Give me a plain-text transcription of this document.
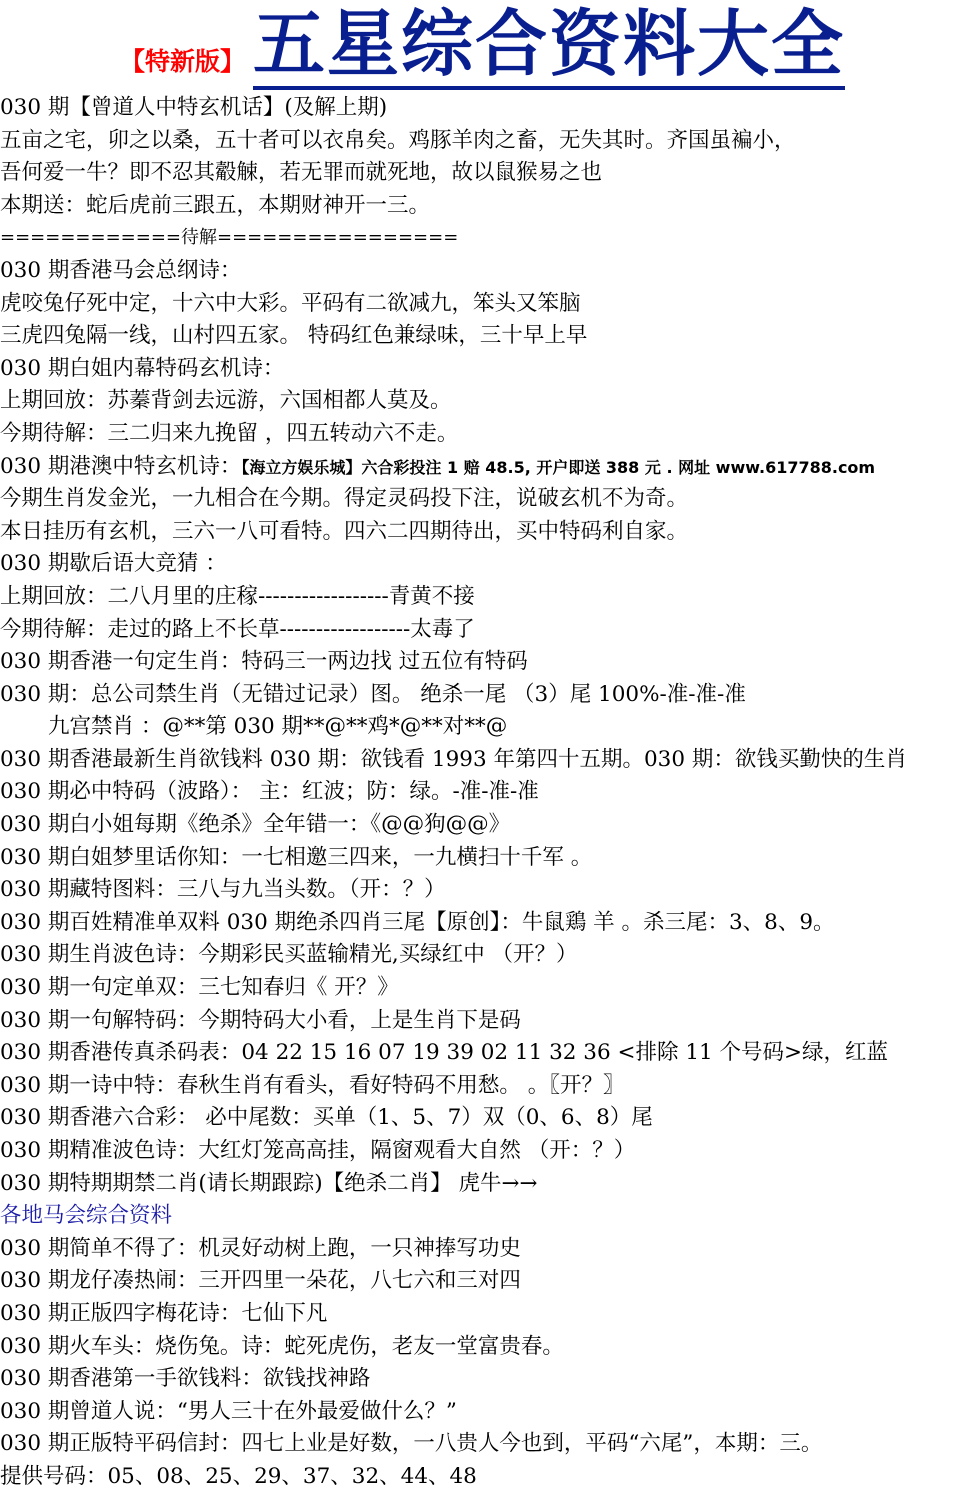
【特新版】 五星综合资料大全
030 期【曾道人中特玄机话】(及解上期)
五亩之宅，卯之以桑，五十者可以衣帛矣。鸡豚羊肉之畜，无失其时。齐国虽褊小，
吾何爱一牛？即不忍其觳觫，若无罪而就死地，故以鼠猴易之也
本期送：蛇后虎前三跟五，本期财神开一三。
============待解================
030 期香港马会总纲诗：
虎咬兔仔死中定，十六中大彩。平码有二欲减九，笨头又笨脑
三虎四兔隔一线，山村四五家。 特码红色兼绿味，三十早上早
030 期白姐内幕特码玄机诗：
上期回放：苏蓁背剑去远游，六国相都人莫及。
今期待解：三二归来九挽留 ，四五转动六不走。
030 期港澳中特玄机诗：【海立方娱乐城】六合彩投注 1 赔 48.5, 开户即送 388 元 . 网址 www.617788.com
今期生肖发金光，一九相合在今期。得定灵码投下注，说破玄机不为奇。
本日挂历有玄机，三六一八可看特。四六二四期待出，买中特码利自家。
030 期歇后语大竞猜 ：
上期回放：二八月里的庄稼------------------青黄不接
今期待解：走过的路上不长草------------------太毒了
030 期香港一句定生肖：特码三一两边找 过五位有特码
030 期：总公司禁生肖（无错过记录）图。 绝杀一尾 （3）尾 100%-准-准-准
九宫禁肖 ：@**第 030 期**@**鸡*@**对**@
030 期香港最新生肖欲钱料 030 期：欲钱看 1993 年第四十五期。030 期：欲钱买勤快的生肖
030 期必中特码（波路）： 主：红波；防：绿。-准-准-准
030 期白小姐每期《绝杀》全年错一：《@@狗@@》
030 期白姐梦里话你知：一七相邀三四来，一九横扫十千军 。
030 期藏特图料：三八与九当头数。（开：？）
030 期百姓精准单双料 030 期绝杀四肖三尾【原创】：牛鼠鶏 羊 。杀三尾：3、8、9。
030 期生肖波色诗：今期彩民买蓝输精光,买绿红中 （开？）
030 期一句定单双：三七知春归《 开？》
030 期一句解特码：今期特码大小看，上是生肖下是码
030 期香港传真杀码表：04 22 15 16 07 19 39 02 11 32 36 <排除 11 个号码>绿，红蓝
030 期一诗中特：春秋生肖有看头，看好特码不用愁。 。〖开？〗
030 期香港六合彩： 必中尾数：买单（1、5、7）双（0、6、8）尾
030 期精准波色诗：大红灯笼高高挂，隔窗观看大自然 （开：？）
030 期特期期禁二肖(请长期跟踪)【绝杀二肖】 虎牛→→
各地马会综合资料
030 期简单不得了：机灵好动树上跑，一只神捧写功史
030 期龙仔凑热闹：三开四里一朵花，八七六和三对四
030 期正版四字梅花诗：七仙下凡
030 期火车头：烧伤兔。诗：蛇死虎伤，老友一堂富贵春。
030 期香港第一手欲钱料：欲钱找神路
030 期曾道人说：“男人三十在外最爱做什么？”
030 期正版特平码信封：四七上业是好数，一八贵人今也到，平码“六尾”，本期：三。
提供号码：05、08、25、29、37、32、44、48
